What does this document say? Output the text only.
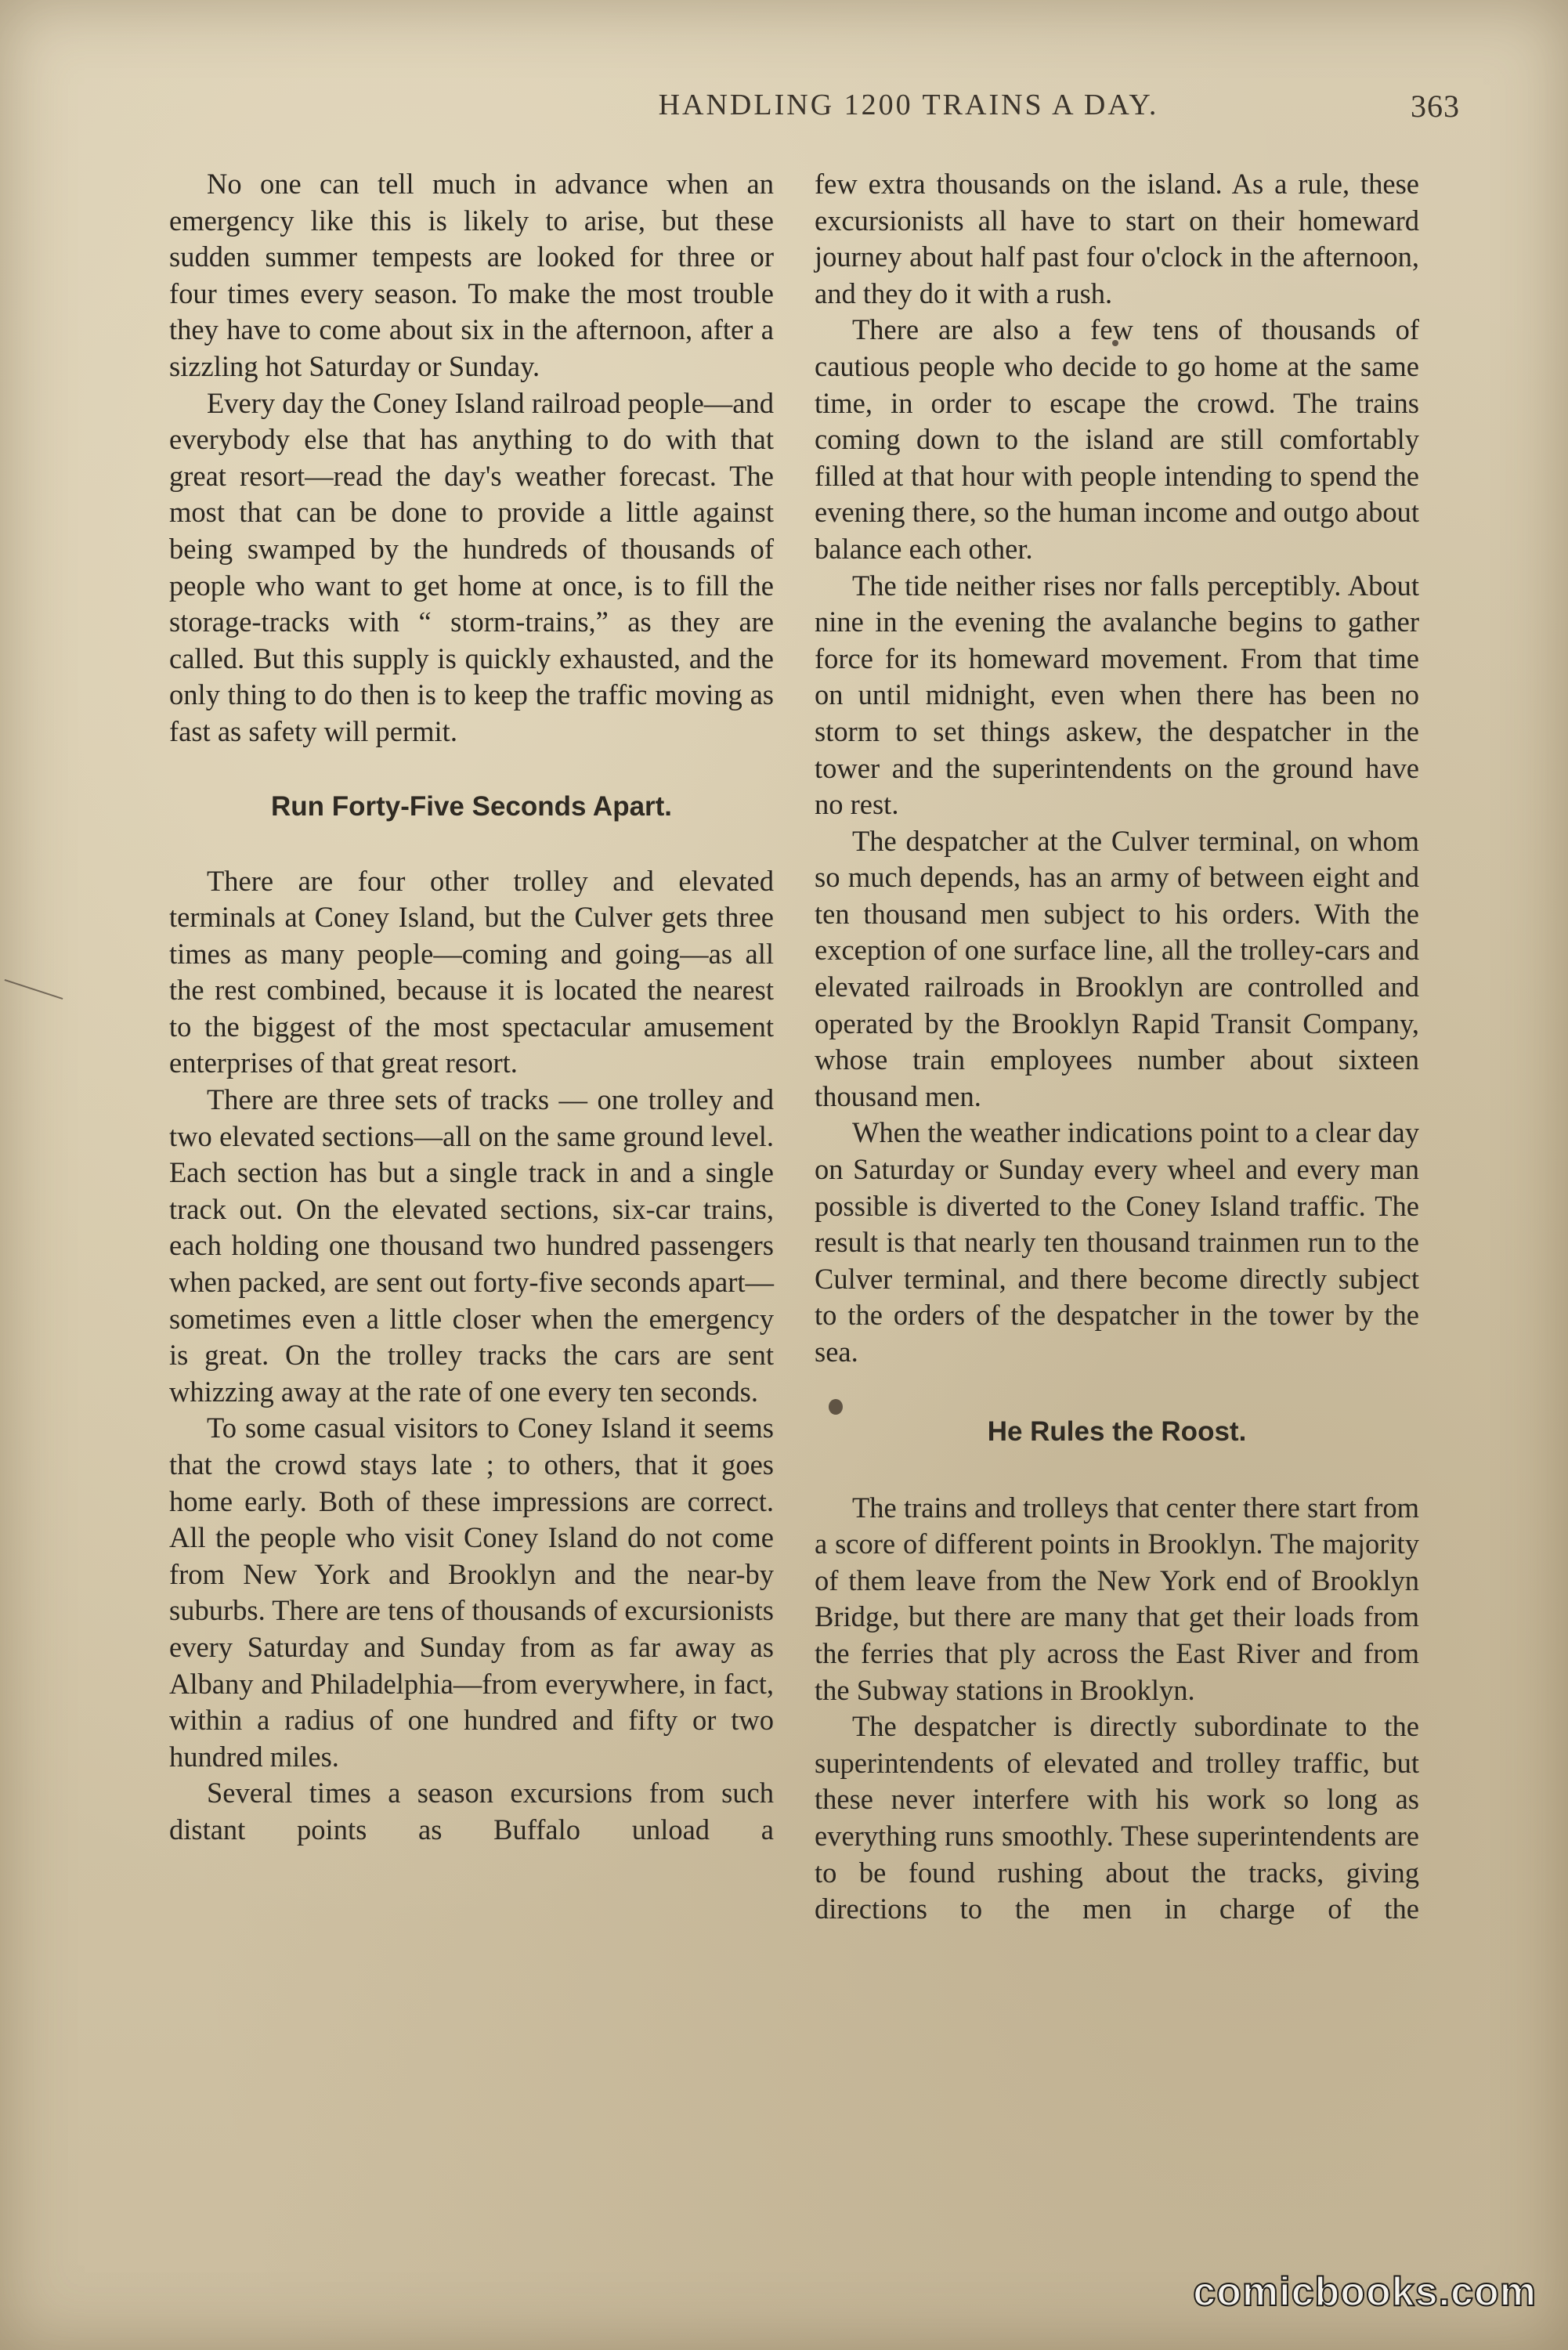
HANDLING 1200 TRAINS A DAY.	363

No one can tell much in advance when an emergency like this is likely to arise, but these sudden summer tempests are looked for three or four times every season. To make the most trouble they have to come about six in the afternoon, after a sizzling hot Saturday or Sunday.

Every day the Coney Island railroad people—and everybody else that has anything to do with that great resort—read the day's weather forecast. The most that can be done to provide a little against being swamped by the hundreds of thousands of people who want to get home at once, is to fill the storage-tracks with “ storm-trains,” as they are called. But this supply is quickly exhausted, and the only thing to do then is to keep the traffic moving as fast as safety will permit.

Run Forty-Five Seconds Apart.

There are four other trolley and elevated terminals at Coney Island, but the Culver gets three times as many people—coming and going—as all the rest combined, because it is located the nearest to the biggest of the most spectacular amusement enterprises of that great resort.

There are three sets of tracks — one trolley and two elevated sections—all on the same ground level. Each section has but a single track in and a single track out. On the elevated sections, six-car trains, each holding one thousand two hundred passengers when packed, are sent out forty-five seconds apart—sometimes even a little closer when the emergency is great. On the trolley tracks the cars are sent whizzing away at the rate of one every ten seconds.

To some casual visitors to Coney Island it seems that the crowd stays late ; to others, that it goes home early. Both of these impressions are correct. All the people who visit Coney Island do not come from New York and Brooklyn and the near-by suburbs. There are tens of thousands of excursionists every Saturday and Sunday from as far away as Albany and Philadelphia—from everywhere, in fact, within a radius of one hundred and fifty or two hundred miles.

Several times a season excursions from such distant points as Buffalo unload a

few extra thousands on the island. As a rule, these excursionists all have to start on their homeward journey about half past four o'clock in the afternoon, and they do it with a rush.

There are also a few tens of thousands of cautious people who decide to go home at the same time, in order to escape the crowd. The trains coming down to the island are still comfortably filled at that hour with people intending to spend the evening there, so the human income and outgo about balance each other.

The tide neither rises nor falls perceptibly. About nine in the evening the avalanche begins to gather force for its homeward movement. From that time on until midnight, even when there has been no storm to set things askew, the despatcher in the tower and the superintendents on the ground have no rest.

The despatcher at the Culver terminal, on whom so much depends, has an army of between eight and ten thousand men subject to his orders. With the exception of one surface line, all the trolley-cars and elevated railroads in Brooklyn are controlled and operated by the Brooklyn Rapid Transit Company, whose train employees number about sixteen thousand men.

When the weather indications point to a clear day on Saturday or Sunday every wheel and every man possible is diverted to the Coney Island traffic. The result is that nearly ten thousand trainmen run to the Culver terminal, and there become directly subject to the orders of the despatcher in the tower by the sea.

He Rules the Roost.

The trains and trolleys that center there start from a score of different points in Brooklyn. The majority of them leave from the New York end of Brooklyn Bridge, but there are many that get their loads from the ferries that ply across the East River and from the Subway stations in Brooklyn.

The despatcher is directly subordinate to the superintendents of elevated and trolley traffic, but these never interfere with his work so long as everything runs smoothly. These superintendents are to be found rushing about the tracks, giving directions to the men in charge of the

comicbooks.com
